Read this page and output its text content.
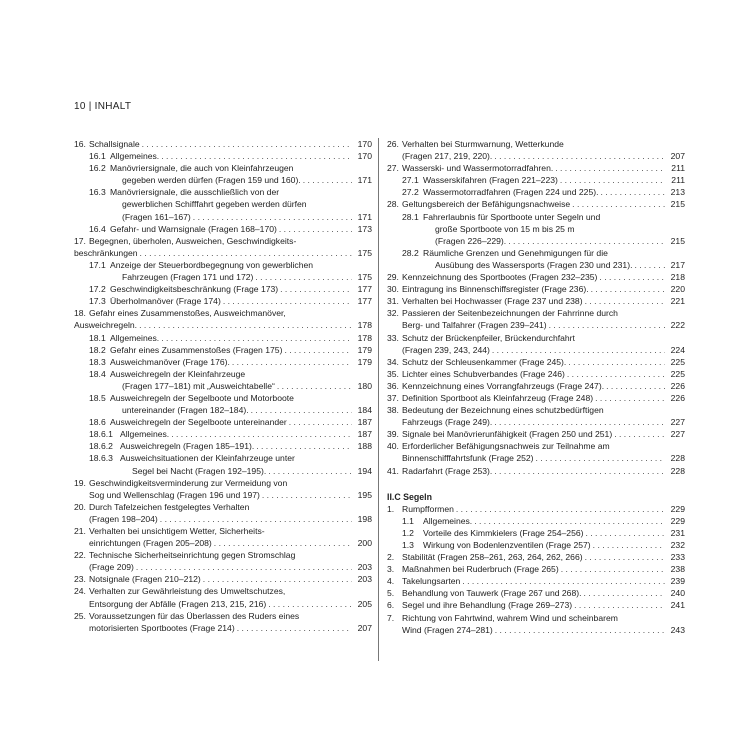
10 | INHALT
16. Schallsignale . . .	170
16.1 Allgemeines. . . .	170
16.2 Manövriersignale, die auch von Kleinfahrzeugen
gegeben werden dürfen (Fragen 159 und 160). . . .	171
16.3 Manövriersignale, die ausschließlich von der
gewerblichen Schifffahrt gegeben werden dürfen
(Fragen 161–167) . . .	171
16.4 Gefahr- und Warnsignale (Fragen 168–170) . . .	173
17. Begegnen, überholen, Ausweichen, Geschwindigkeits-
beschränkungen . . .	175
17.1 Anzeige der Steuerbordbegegnung von gewerblichen
Fahrzeugen (Fragen 171 und 172) . . .	175
17.2 Geschwindigkeitsbeschränkung (Frage 173) . . .	177
17.3 Überholmanöver (Frage 174) . . .	177
18. Gefahr eines Zusammenstoßes, Ausweichmanöver,
Ausweichregeln. . . .	178
18.1 Allgemeines. . . .	178
18.2 Gefahr eines Zusammenstoßes (Fragen 175) . . .	179
18.3 Ausweichmanöver (Frage 176). . . .	179
18.4 Ausweichregeln der Kleinfahrzeuge
(Fragen 177–181) mit „Ausweichtabelle“ . . .	180
18.5 Ausweichregeln der Segelboote und Motorboote
untereinander (Fragen 182–184). . . .	184
18.6 Ausweichregeln der Segelboote untereinander . . .	187
18.6.1 Allgemeines. . . .	187
18.6.2 Ausweichregeln (Fragen 185–191). . . .	188
18.6.3 Ausweichsituationen der Kleinfahrzeuge unter
Segel bei Nacht (Fragen 192–195). . . .	194
19. Geschwindigkeitsverminderung zur Vermeidung von
Sog und Wellenschlag (Fragen 196 und 197) . . .	195
20. Durch Tafelzeichen festgelegtes Verhalten
(Fragen 198–204) . . .	198
21. Verhalten bei unsichtigem Wetter, Sicherheits-
einrichtungen (Fragen 205–208) . . .	200
22. Technische Sicherheitseinrichtung gegen Stromschlag
(Frage 209) . . .	203
23. Notsignale (Fragen 210–212) . . .	203
24. Verhalten zur Gewährleistung des Umweltschutzes,
Entsorgung der Abfälle (Fragen 213, 215, 216) . . .	205
25. Voraussetzungen für das Überlassen des Ruders eines
motorisierten Sportbootes (Frage 214) . . .	207
26. Verhalten bei Sturmwarnung, Wetterkunde
(Fragen 217, 219, 220). . . .	207
27. Wasserski- und Wassermotorradfahren. . . .	211
27.1 Wasserskifahren (Fragen 221–223) . . .	211
27.2 Wassermotorradfahren (Fragen 224 und 225). . . .	213
28. Geltungsbereich der Befähigungsnachweise . . .	215
28.1 Fahrerlaubnis für Sportboote unter Segeln und
große Sportboote von 15 m bis 25 m
(Fragen 226–229). . . .	215
28.2 Räumliche Grenzen und Genehmigungen für die
Ausübung des Wassersports (Fragen 230 und 231). . . .	217
29. Kennzeichnung des Sportbootes (Fragen 232–235) . . .	218
30. Eintragung ins Binnenschiffsregister (Frage 236). . . .	220
31. Verhalten bei Hochwasser (Frage 237 und 238) . . .	221
32. Passieren der Seitenbezeichnungen der Fahrrinne durch
Berg- und Talfahrer (Fragen 239–241) . . .	222
33. Schutz der Brückenpfeiler, Brückendurchfahrt
(Fragen 239, 243, 244) . . .	224
34. Schutz der Schleusenkammer (Frage 245). . . .	225
35. Lichter eines Schubverbandes (Frage 246) . . .	225
36. Kennzeichnung eines Vorrangfahrzeugs (Frage 247). . . .	226
37. Definition Sportboot als Kleinfahrzeug (Frage 248) . . .	226
38. Bedeutung der Bezeichnung eines schutzbedürftigen
Fahrzeugs (Frage 249). . . .	227
39. Signale bei Manövrierunfähigkeit (Fragen 250 und 251) . . .	227
40. Erforderlicher Befähigungsnachweis zur Teilnahme am
Binnenschifffahrtsfunk (Frage 252) . . .	228
41. Radarfahrt (Frage 253). . . .	228
II.C Segeln
1. Rumpfformen . . .	229
1.1 Allgemeines. . . .	229
1.2 Vorteile des Kimmkielers (Frage 254–256) . . .	231
1.3 Wirkung von Bodenlenzventilen (Frage 257) . . .	232
2. Stabilität (Fragen 258–261, 263, 264, 262, 266) . . .	233
3. Maßnahmen bei Ruderbruch (Frage 265) . . .	238
4. Takelungsarten . . .	239
5. Behandlung von Tauwerk (Frage 267 und 268). . . .	240
6. Segel und ihre Behandlung (Frage 269–273) . . .	241
7. Richtung von Fahrtwind, wahrem Wind und scheinbarem
Wind (Fragen 274–281) . . .	243
